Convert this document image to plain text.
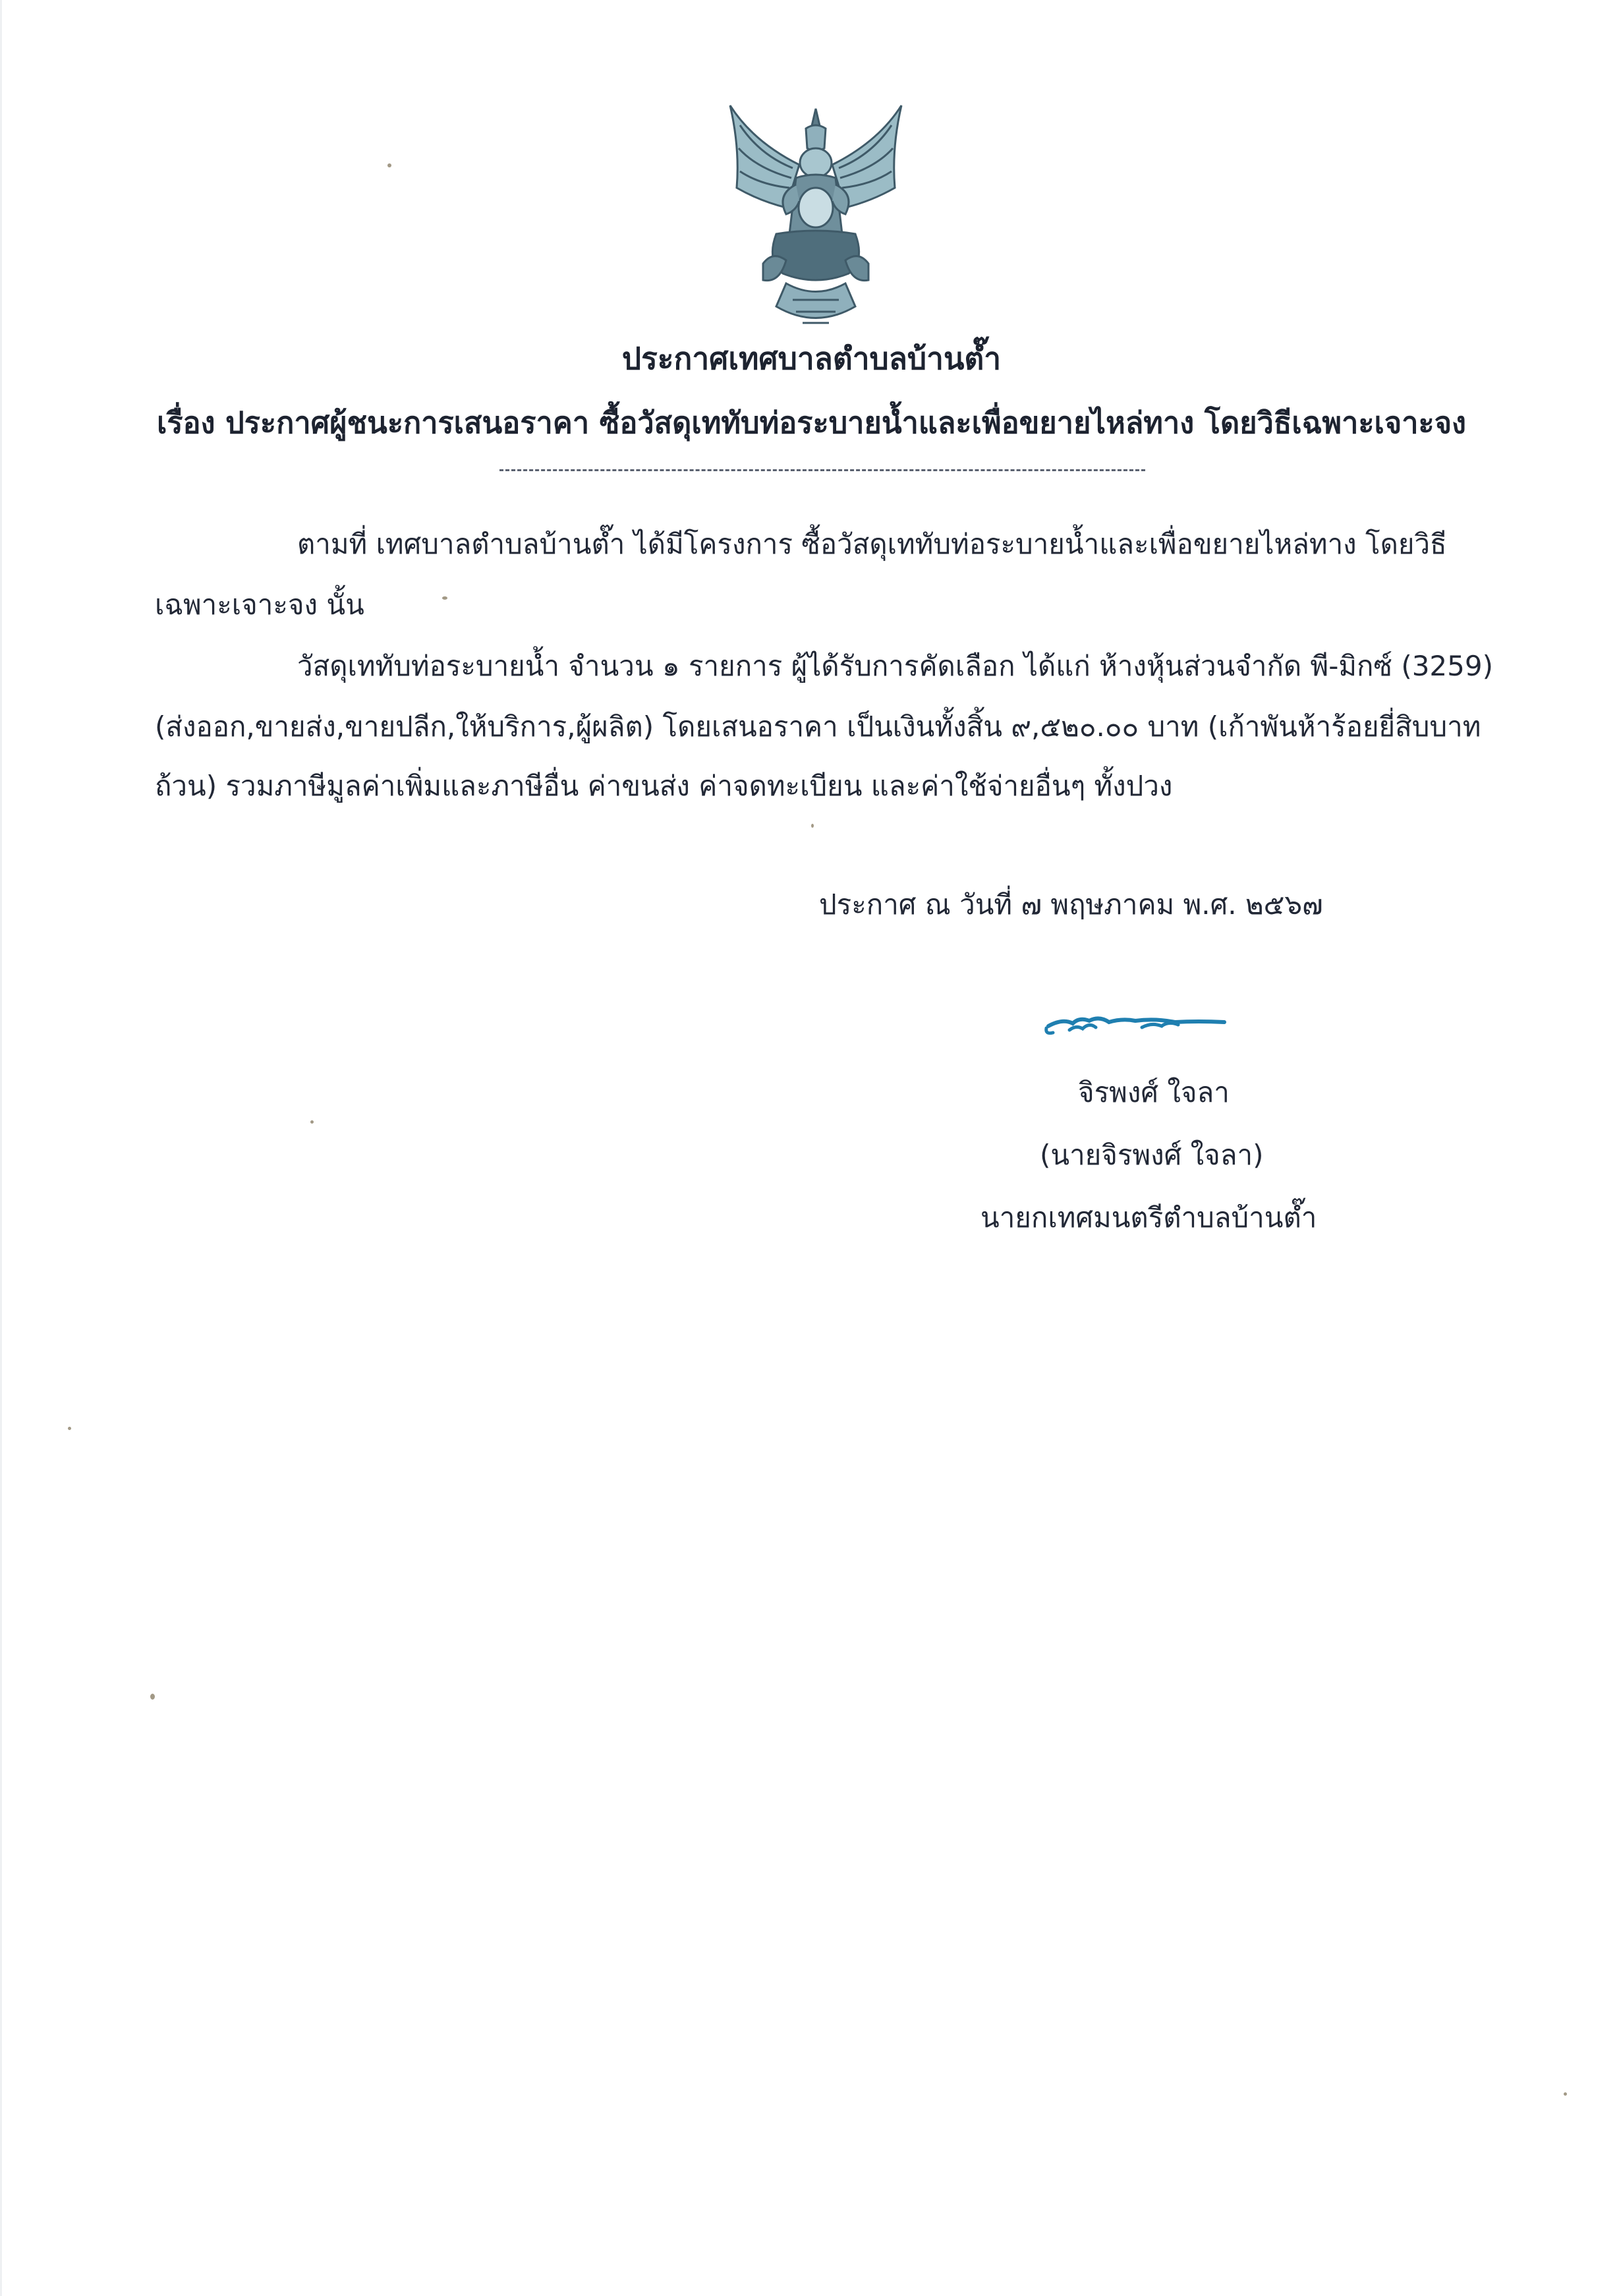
ประกาศเทศบาลตำบลบ้านต๊ำ
เรื่อง ประกาศผู้ชนะการเสนอราคา ซื้อวัสดุเททับท่อระบายน้ำและเพื่อขยายไหล่ทาง โดยวิธีเฉพาะเจาะจง
ตามที่ เทศบาลตำบลบ้านต๊ำ ได้มีโครงการ ซื้อวัสดุเททับท่อระบายน้ำและเพื่อขยายไหล่ทาง โดยวิธี
เฉพาะเจาะจง นั้น
วัสดุเททับท่อระบายน้ำ จำนวน ๑ รายการ ผู้ได้รับการคัดเลือก ได้แก่ ห้างหุ้นส่วนจำกัด พี-มิกซ์ (3259)
(ส่งออก,ขายส่ง,ขายปลีก,ให้บริการ,ผู้ผลิต) โดยเสนอราคา เป็นเงินทั้งสิ้น ๙,๕๒๐.๐๐ บาท (เก้าพันห้าร้อยยี่สิบบาท
ถ้วน) รวมภาษีมูลค่าเพิ่มและภาษีอื่น ค่าขนส่ง ค่าจดทะเบียน และค่าใช้จ่ายอื่นๆ ทั้งปวง
ประกาศ ณ วันที่ ๗ พฤษภาคม พ.ศ. ๒๕๖๗
จิรพงศ์ ใจลา
(นายจิรพงศ์ ใจลา)
นายกเทศมนตรีตำบลบ้านต๊ำ
